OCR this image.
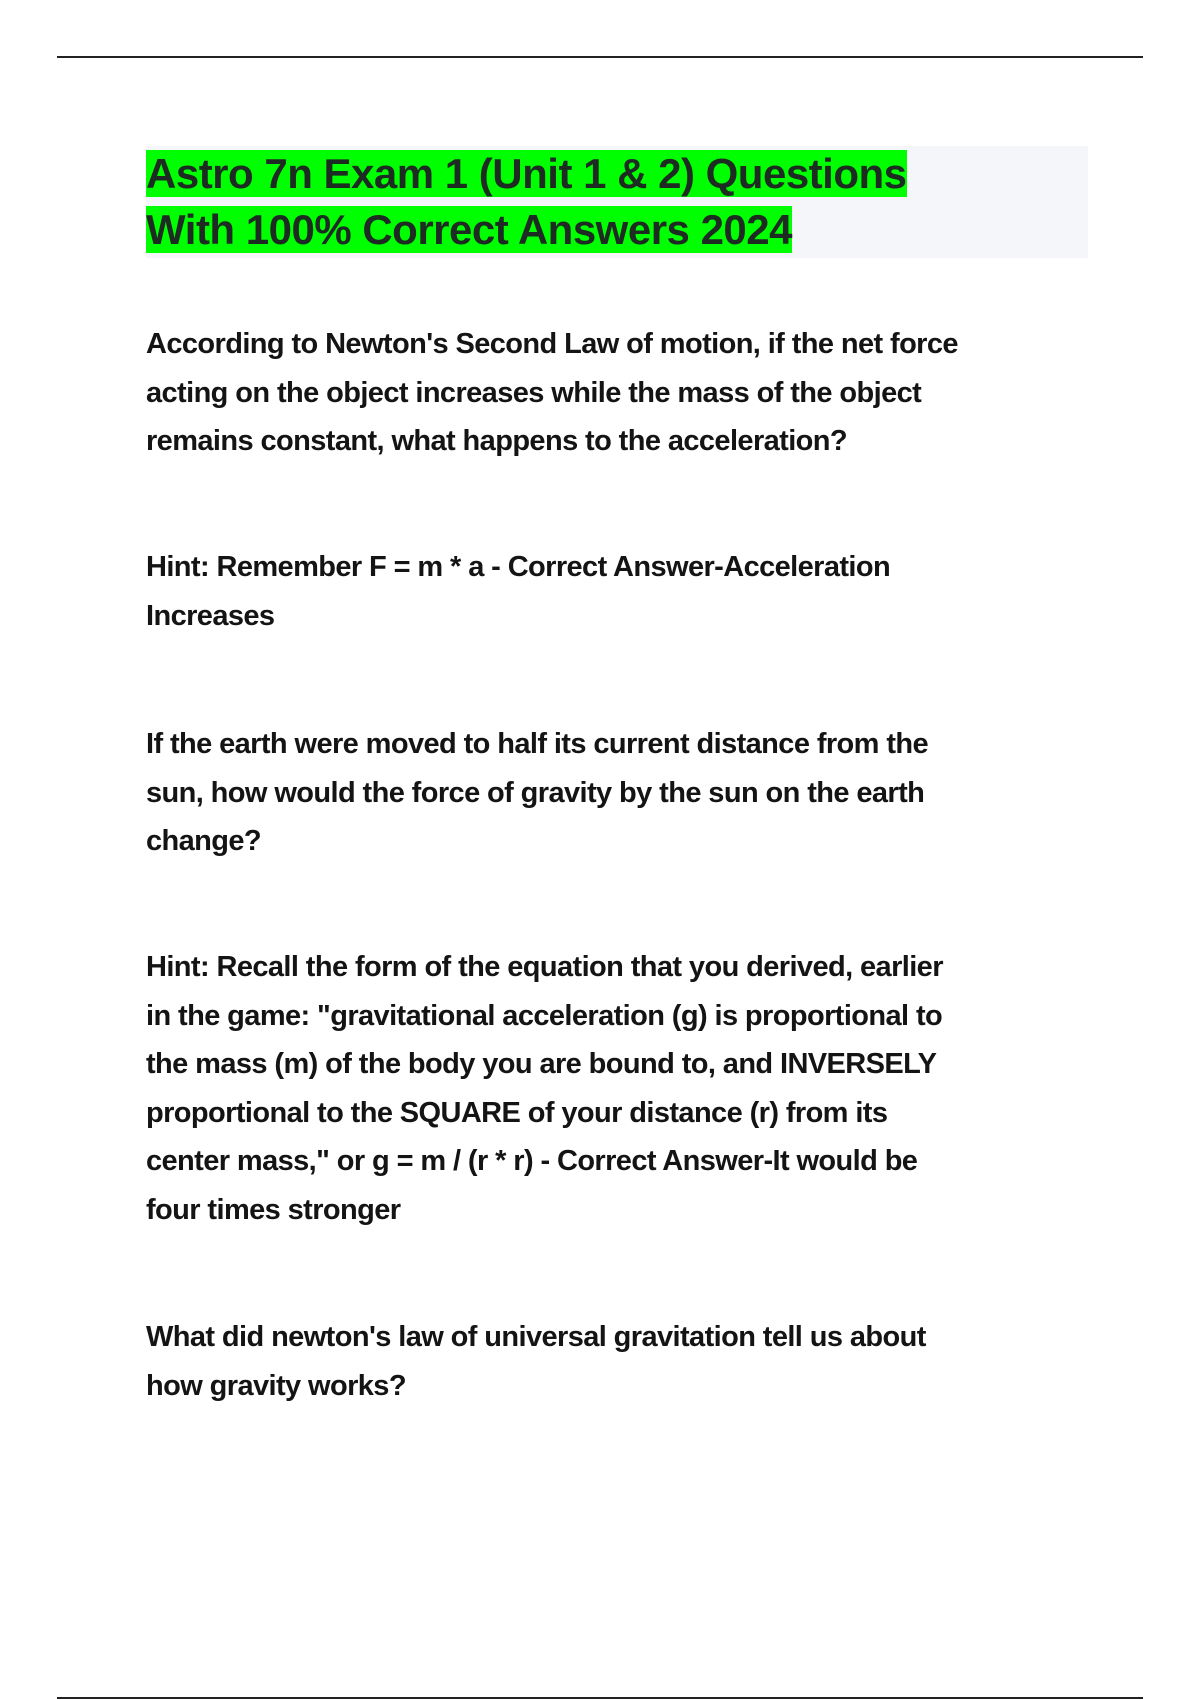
Astro 7n Exam 1 (Unit 1 & 2) Questions
With 100% Correct Answers 2024
According to Newton's Second Law of motion, if the net force
acting on the object increases while the mass of the object
remains constant, what happens to the acceleration?
Hint: Remember F = m * a - Correct Answer-Acceleration
Increases
If the earth were moved to half its current distance from the
sun, how would the force of gravity by the sun on the earth
change?
Hint: Recall the form of the equation that you derived, earlier
in the game: "gravitational acceleration (g) is proportional to
the mass (m) of the body you are bound to, and INVERSELY
proportional to the SQUARE of your distance (r) from its
center mass," or g = m / (r * r) - Correct Answer-It would be
four times stronger
What did newton's law of universal gravitation tell us about
how gravity works?
